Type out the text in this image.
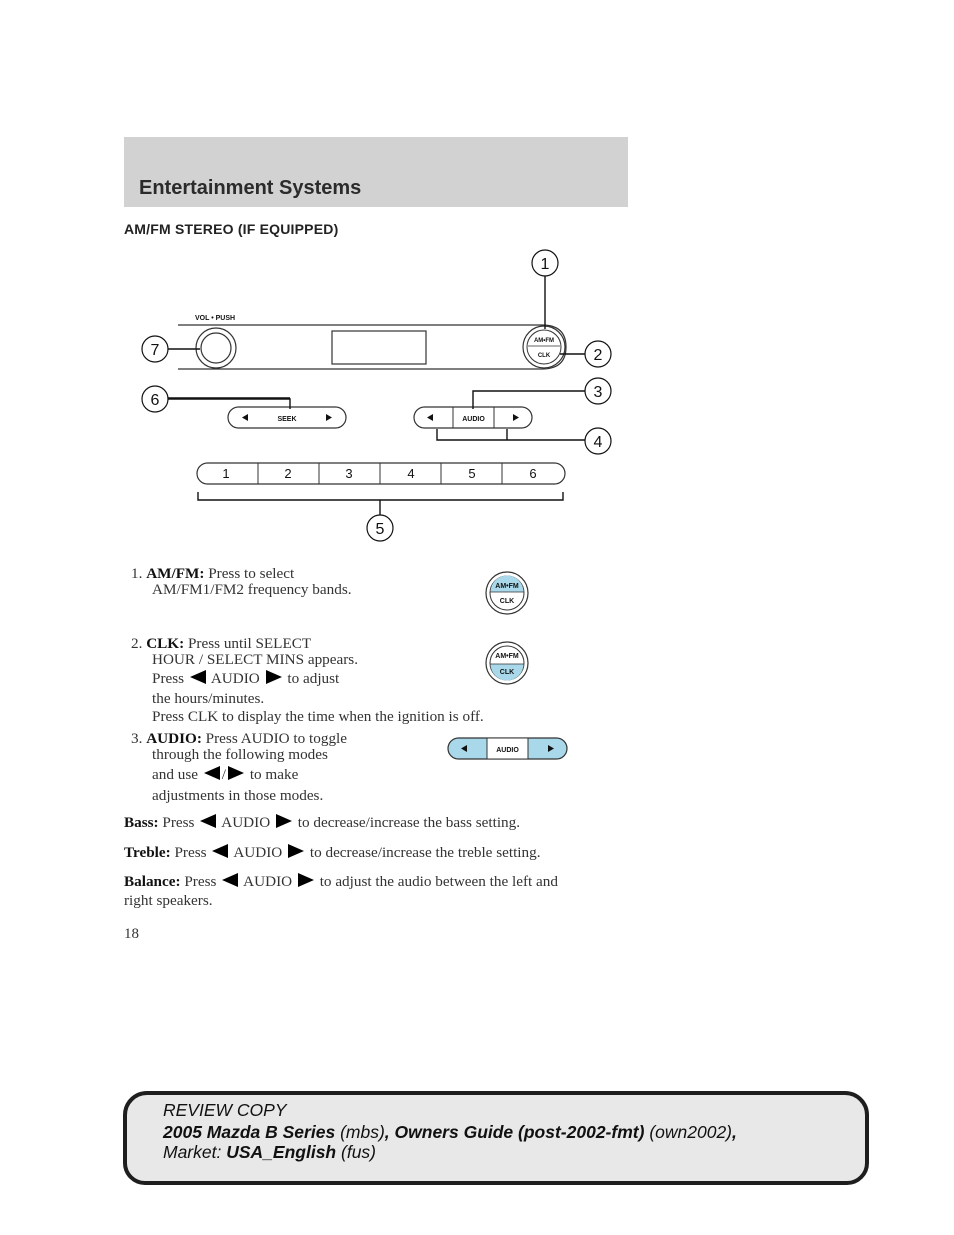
Entertainment Systems
AM/FM STEREO (IF EQUIPPED)
VOL • PUSH
AM•FM
CLK
SEEK	AUDIO
1	2	3	4	5	6
1
2
3
4
5
6
7
1. AM/FM: Press to select
AM/FM1/FM2 frequency bands.	AM•FM
CLK
2. CLK: Press until SELECT
HOUR / SELECT MINS appears.
Press AUDIO to adjust
the hours/minutes.
Press CLK to display the time when the ignition is off.
AM•FM
CLK
3. AUDIO: Press AUDIO to toggle
through the following modes
and use / to make
adjustments in those modes.
AUDIO
Bass: Press AUDIO to decrease/increase the bass setting.
Treble: Press AUDIO to decrease/increase the treble setting.
Balance: Press AUDIO to adjust the audio between the left and
right speakers.
18
REVIEW COPY
2005 Mazda B Series (mbs), Owners Guide (post-2002-fmt) (own2002),
Market: USA_English (fus)
